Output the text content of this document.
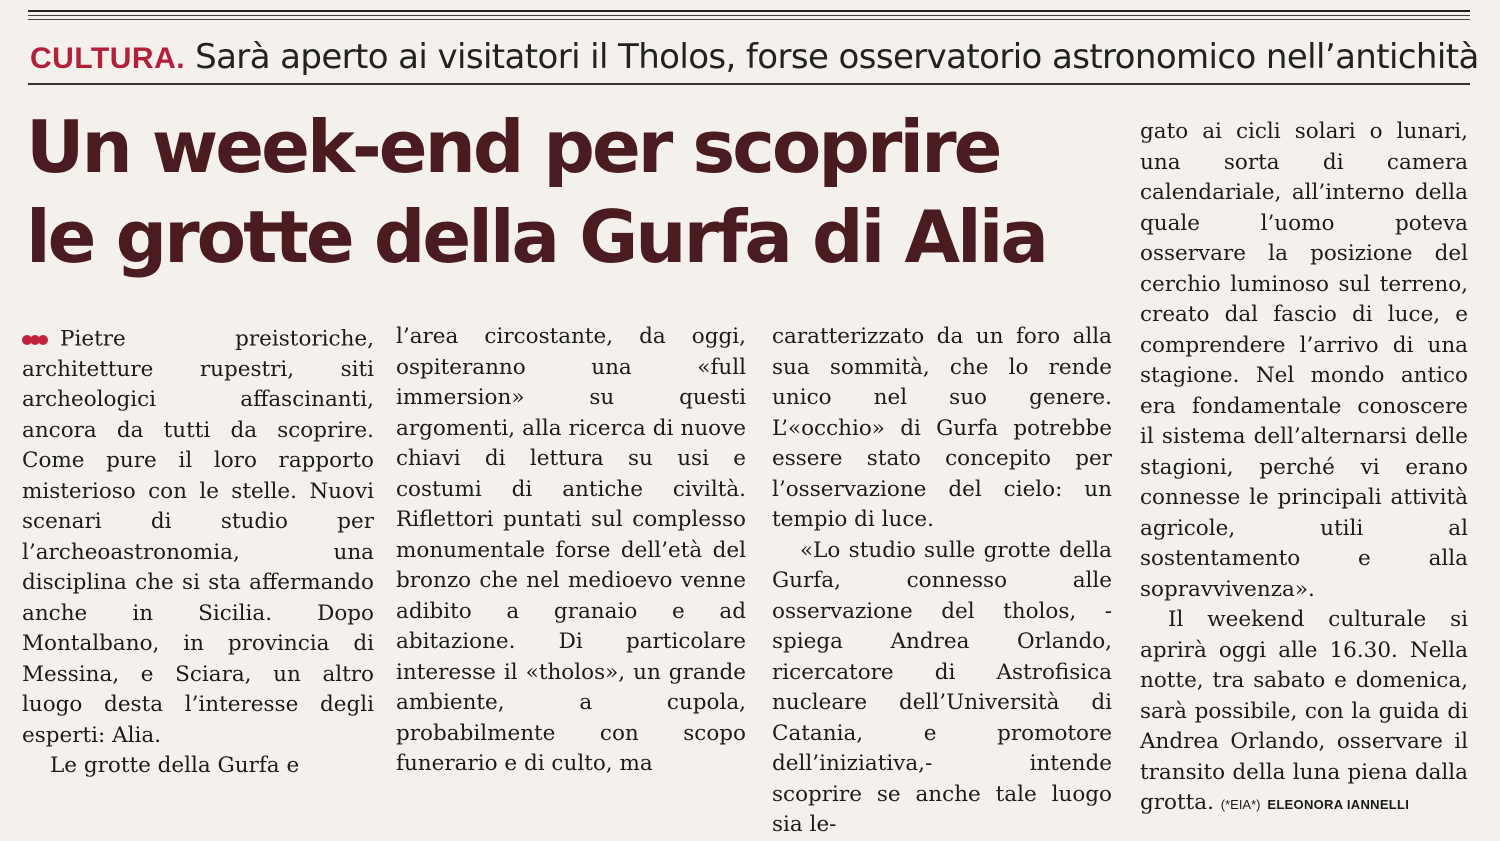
CULTURA. Sarà aperto ai visitatori il Tholos, forse osservatorio astronomico nell’antichità
Un week-end per scoprire
le grotte della Gurfa di Alia

Pietre preistoriche, architetture rupestri, siti archeologici affascinanti, ancora da tutti da scoprire. Come pure il loro rapporto misterioso con le stelle. Nuovi scenari di studio per l’archeoastronomia, una disciplina che si sta affermando anche in Sicilia. Dopo Montalbano, in provincia di Messina, e Sciara, un altro luogo desta l’interesse degli esperti: Alia.

Le grotte della Gurfa e

l’area circostante, da oggi, ospiteranno una «full immersion» su questi argomenti, alla ricerca di nuove chiavi di lettura su usi e costumi di antiche civiltà. Riflettori puntati sul complesso monumentale forse dell’età del bronzo che nel medioevo venne adibito a granaio e ad abitazione. Di particolare interesse il «tholos», un grande ambiente, a cupola, probabilmente con scopo funerario e di culto, ma

caratterizzato da un foro alla sua sommità, che lo rende unico nel suo genere. L’«occhio» di Gurfa potrebbe essere stato concepito per l’osservazione del cielo: un tempio di luce.

«Lo studio sulle grotte della Gurfa, connesso alle osservazione del tholos, - spiega Andrea Orlando, ricercatore di Astrofisica nucleare dell’Università di Catania, e promotore dell’iniziativa,- intende scoprire se anche tale luogo sia le-

gato ai cicli solari o lunari, una sorta di camera calendariale, all’interno della quale l’uomo poteva osservare la posizione del cerchio luminoso sul terreno, creato dal fascio di luce, e comprendere l’arrivo di una stagione. Nel mondo antico era fondamentale conoscere il sistema dell’alternarsi delle stagioni, perché vi erano connesse le principali attività agricole, utili al sostentamento e alla sopravvivenza».

Il weekend culturale si aprirà oggi alle 16.30. Nella notte, tra sabato e domenica, sarà possibile, con la guida di Andrea Orlando, osservare il transito della luna piena dalla grotta. (*EIA*) ELEONORA IANNELLI
